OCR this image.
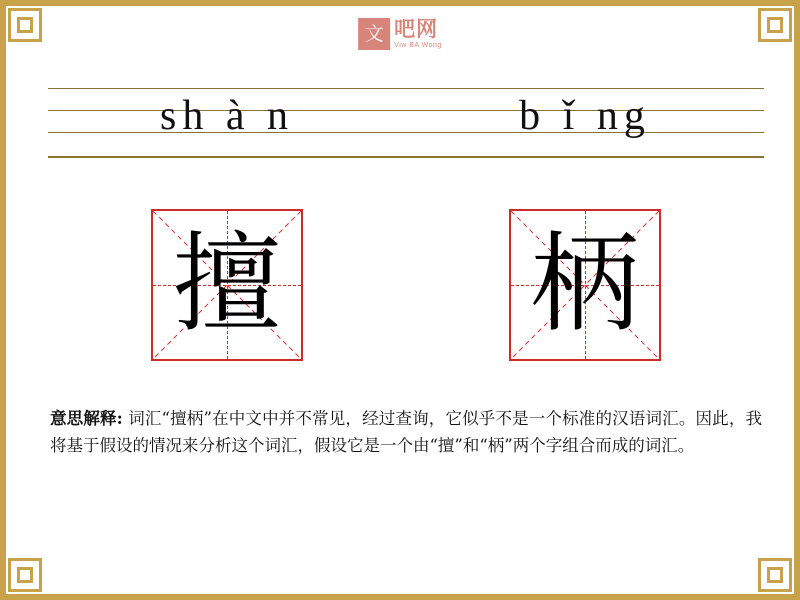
文 吧网
Viw BA Wong
sh à n	b ǐ ng
擅 柄
意思解释: 词汇“擅柄”在中文中并不常见，经过查询，它似乎不是一个标准的汉语词汇。因此，我将基于假设的情况来分析这个词汇，假设它是一个由“擅”和“柄”两个字组合而成的词汇。
